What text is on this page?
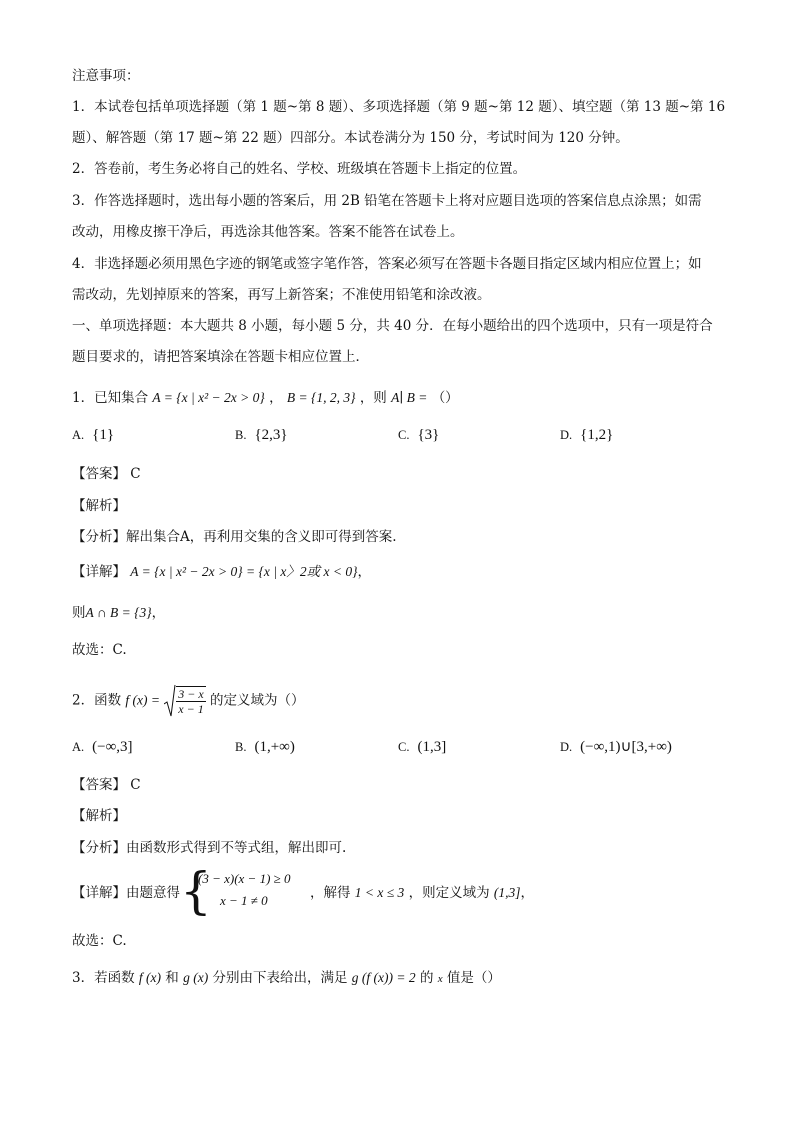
注意事项：
1．本试卷包括单项选择题（第 1 题~第 8 题）、多项选择题（第 9 题~第 12 题）、填空题（第 13 题~第 16
题）、解答题（第 17 题~第 22 题）四部分。本试卷满分为 150 分，考试时间为 120 分钟。
2．答卷前，考生务必将自己的姓名、学校、班级填在答题卡上指定的位置。
3．作答选择题时，选出每小题的答案后，用 2B 铅笔在答题卡上将对应题目选项的答案信息点涂黑；如需
改动，用橡皮擦干净后，再选涂其他答案。答案不能答在试卷上。
4．非选择题必须用黑色字迹的钢笔或签字笔作答，答案必须写在答题卡各题目指定区域内相应位置上；如
需改动，先划掉原来的答案，再写上新答案；不准使用铅笔和涂改液。
一、单项选择题：本大题共 8 小题，每小题 5 分，共 40 分．在每小题给出的四个选项中，只有一项是符合
题目要求的，请把答案填涂在答题卡相应位置上．
1．已知集合 A = {x | x² − 2x > 0} ， B = {1, 2, 3} ，则 A∣ B = （）
A. {1}	B. {2,3}	C. {3}	D. {1,2}
【答案】 C
【解析】
【分析】解出集合A，再利用交集的含义即可得到答案.
【详解】 A = {x | x² − 2x > 0} = {x | x〉2或 x < 0}，
则A ∩ B = {3}，
故选：C.
2．函数 f $(x) = \frac{3 - x}{x - 1}$ 的定义域为（）
A. (−∞,3]	B. (1,+∞)	C. (1,3]	D. (−∞,1)∪[3,+∞)
【答案】 C
【解析】
【分析】由函数形式得到不等式组，解出即可.
【详解】由题意得 {
(3 − x)(x − 1) ≥ 0
x − 1 ≠ 0	，解得 1 < x ≤ 3 ，则定义域为 (1,3]，
故选：C.
3．若函数 f (x) 和 g (x) 分别由下表给出，满足 g (f (x)) = 2 的 x 值是（）
